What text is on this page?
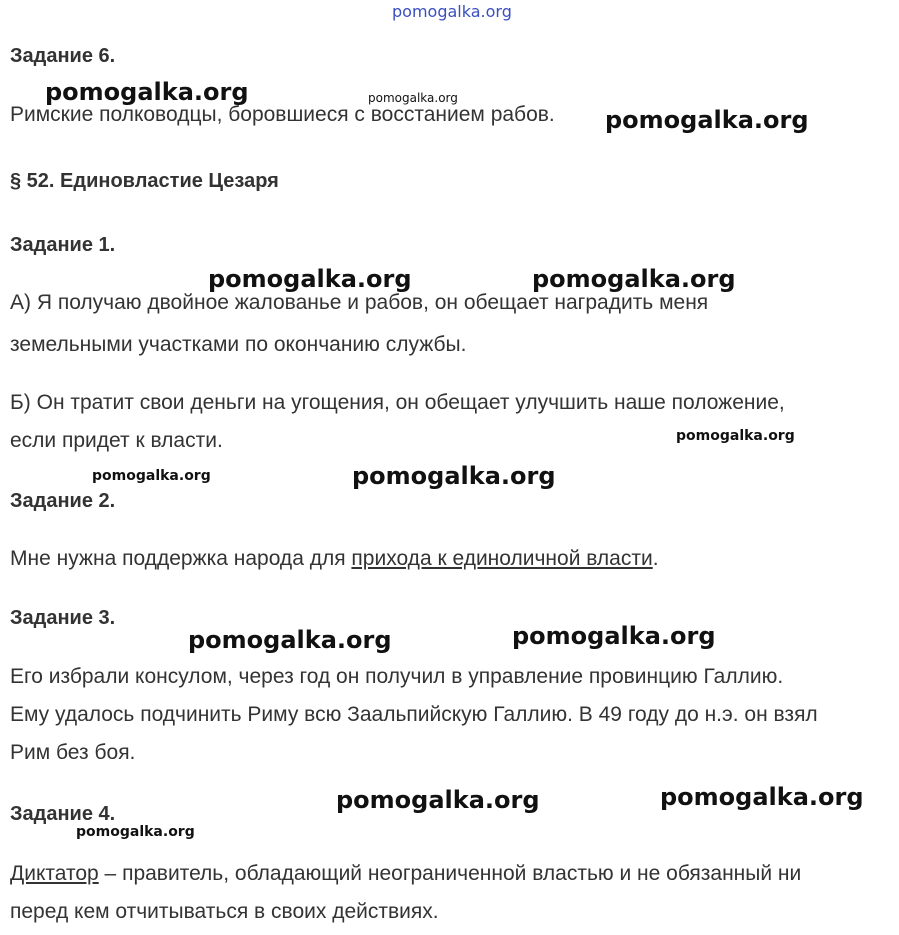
pomogalka.org
Задание 6.
Римские полководцы, боровшиеся с восстанием рабов.
§ 52. Единовластие Цезаря
Задание 1.
А) Я получаю двойное жалованье и рабов, он обещает наградить меня
земельными участками по окончанию службы.
Б) Он тратит свои деньги на угощения, он обещает улучшить наше положение,
если придет к власти.
Задание 2.
Мне нужна поддержка народа для прихода к единоличной власти.
Задание 3.
Его избрали консулом, через год он получил в управление провинцию Галлию.
Ему удалось подчинить Риму всю Заальпийскую Галлию. В 49 году до н.э. он взял
Рим без боя.
Задание 4.
Диктатор – правитель, обладающий неограниченной властью и не обязанный ни
перед кем отчитываться в своих действиях.
pomogalka.org	pomogalka.org
pomogalka.org
pomogalka.org	pomogalka.org
pomogalka.org
pomogalka.org	pomogalka.org
pomogalka.org	pomogalka.org
pomogalka.org	pomogalka.org
pomogalka.org
